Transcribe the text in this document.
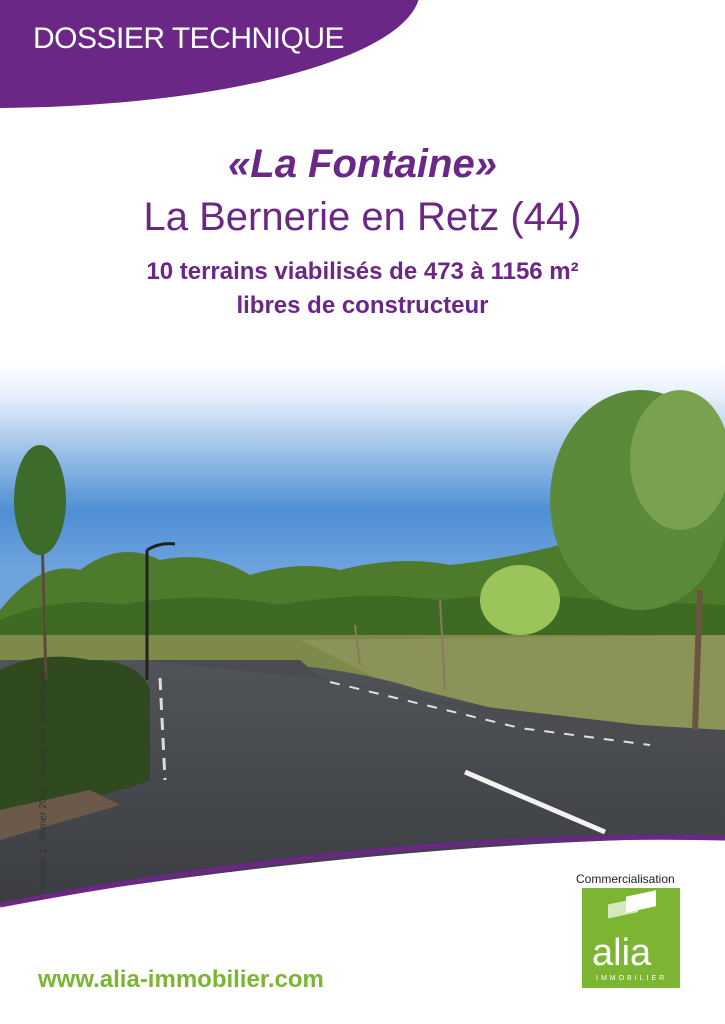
DOSSIER TECHNIQUE
«La Fontaine»
La Bernerie en Retz (44)
10 terrains viabilisés de 473 à 1156 m²
libres de constructeur
Version 1 - février 2015 - visuels non contractuels	Commercialisation
alia
IMMOBILIER
www.alia-immobilier.com
